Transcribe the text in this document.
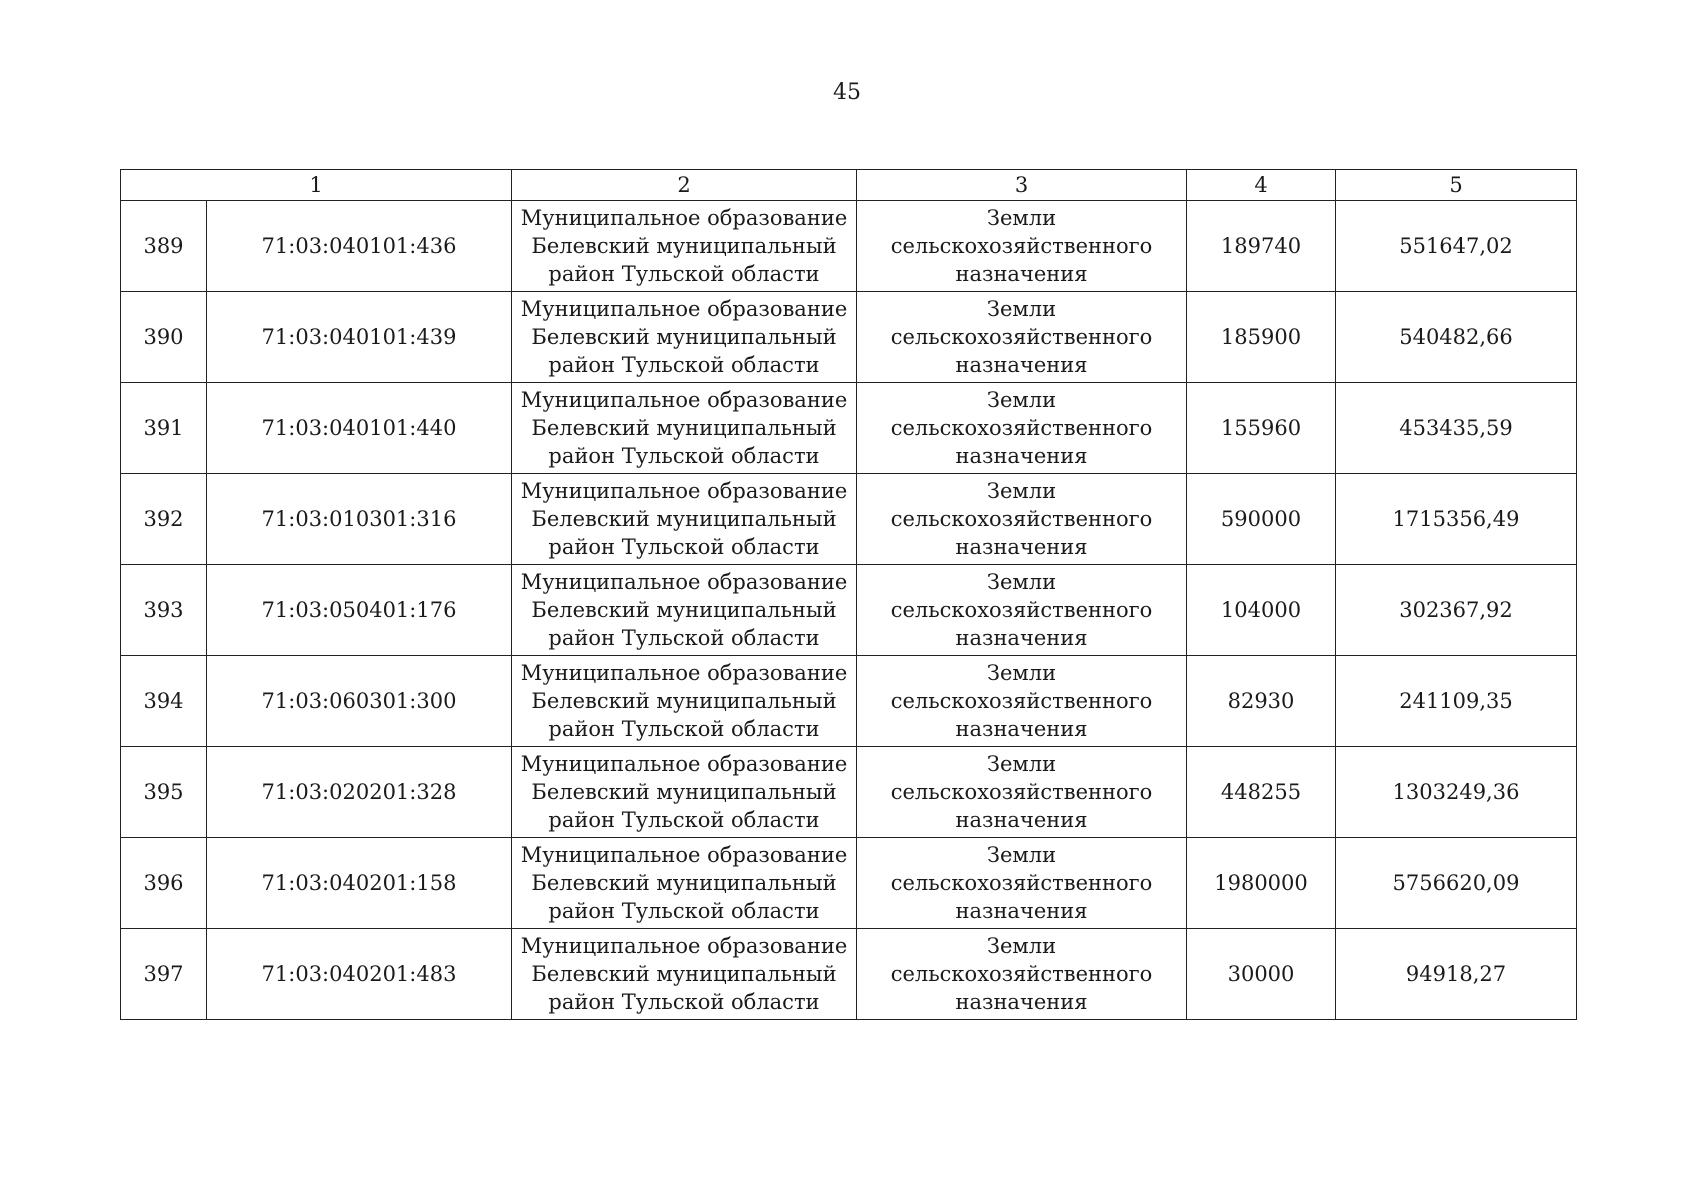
45
1		2	3	4	5
389	71:03:040101:436	Муниципальное образование
Белевский муниципальный
район Тульской области	Земли
сельскохозяйственного
назначения	189740	551647,02
390	71:03:040101:439	Муниципальное образование
Белевский муниципальный
район Тульской области	Земли
сельскохозяйственного
назначения	185900	540482,66
391	71:03:040101:440	Муниципальное образование
Белевский муниципальный
район Тульской области	Земли
сельскохозяйственного
назначения	155960	453435,59
392	71:03:010301:316	Муниципальное образование
Белевский муниципальный
район Тульской области	Земли
сельскохозяйственного
назначения	590000	1715356,49
393	71:03:050401:176	Муниципальное образование
Белевский муниципальный
район Тульской области	Земли
сельскохозяйственного
назначения	104000	302367,92
394	71:03:060301:300	Муниципальное образование
Белевский муниципальный
район Тульской области	Земли
сельскохозяйственного
назначения	82930	241109,35
395	71:03:020201:328	Муниципальное образование
Белевский муниципальный
район Тульской области	Земли
сельскохозяйственного
назначения	448255	1303249,36
396	71:03:040201:158	Муниципальное образование
Белевский муниципальный
район Тульской области	Земли
сельскохозяйственного
назначения	1980000	5756620,09
397	71:03:040201:483	Муниципальное образование
Белевский муниципальный
район Тульской области	Земли
сельскохозяйственного
назначения	30000	94918,27
